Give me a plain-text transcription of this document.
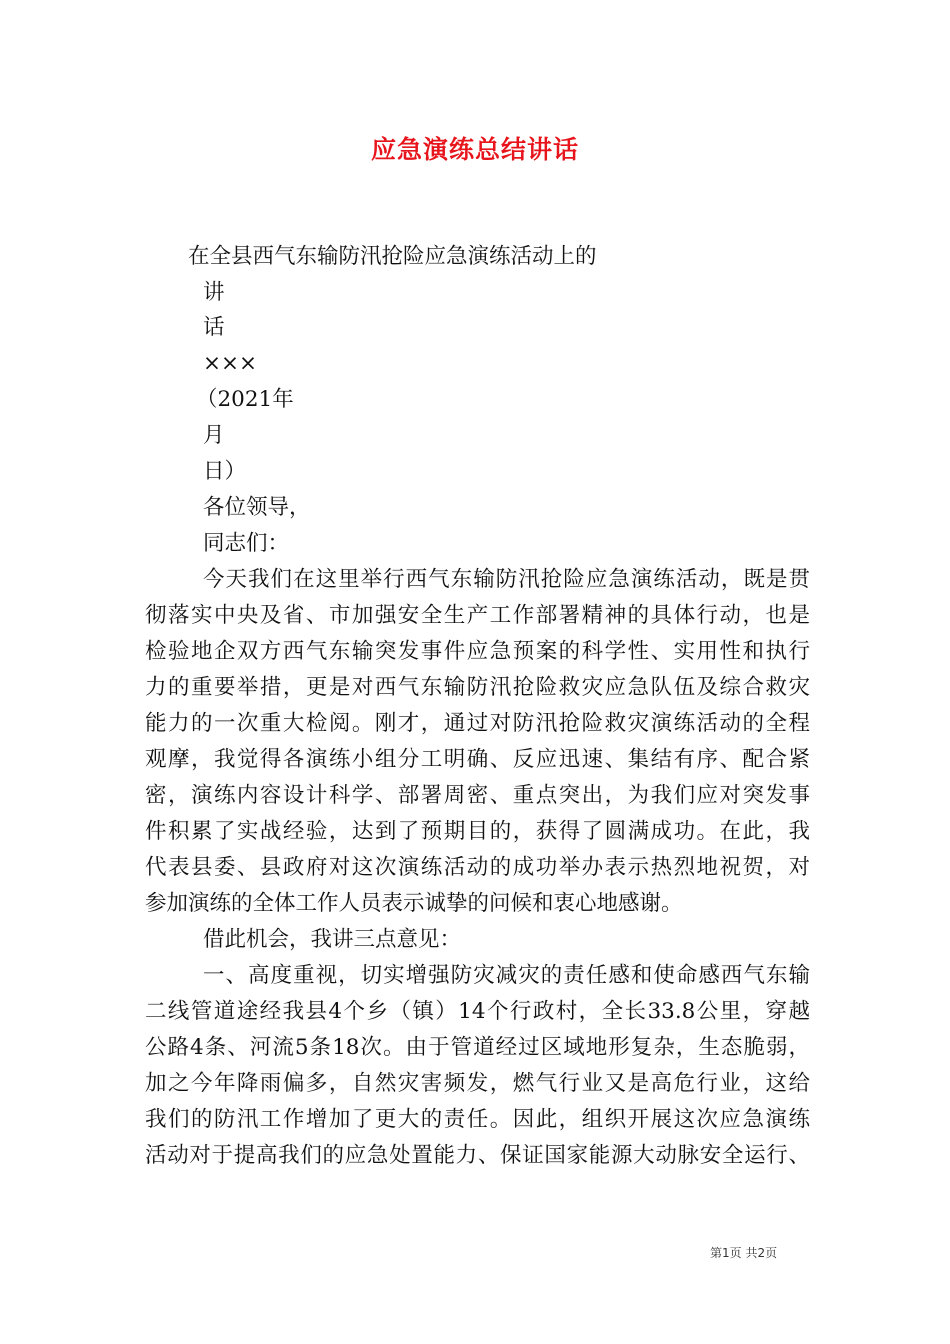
应急演练总结讲话
在全县西气东输防汛抢险应急演练活动上的
讲
话
×××
（2021年
月
日）
各位领导，
同志们：
今天我们在这里举行西气东输防汛抢险应急演练活动，既是贯
彻落实中央及省、市加强安全生产工作部署精神的具体行动，也是
检验地企双方西气东输突发事件应急预案的科学性、实用性和执行
力的重要举措，更是对西气东输防汛抢险救灾应急队伍及综合救灾
能力的一次重大检阅。刚才，通过对防汛抢险救灾演练活动的全程
观摩，我觉得各演练小组分工明确、反应迅速、集结有序、配合紧
密，演练内容设计科学、部署周密、重点突出，为我们应对突发事
件积累了实战经验，达到了预期目的，获得了圆满成功。在此，我
代表县委、县政府对这次演练活动的成功举办表示热烈地祝贺，对
参加演练的全体工作人员表示诚挚的问候和衷心地感谢。
借此机会，我讲三点意见：
一、高度重视，切实增强防灾减灾的责任感和使命感西气东输
二线管道途经我县4个乡（镇）14个行政村，全长33.8公里，穿越
公路4条、河流5条18次。由于管道经过区域地形复杂，生态脆弱，
加之今年降雨偏多，自然灾害频发，燃气行业又是高危行业，这给
我们的防汛工作增加了更大的责任。因此，组织开展这次应急演练
活动对于提高我们的应急处置能力、保证国家能源大动脉安全运行、
第1页 共2页
